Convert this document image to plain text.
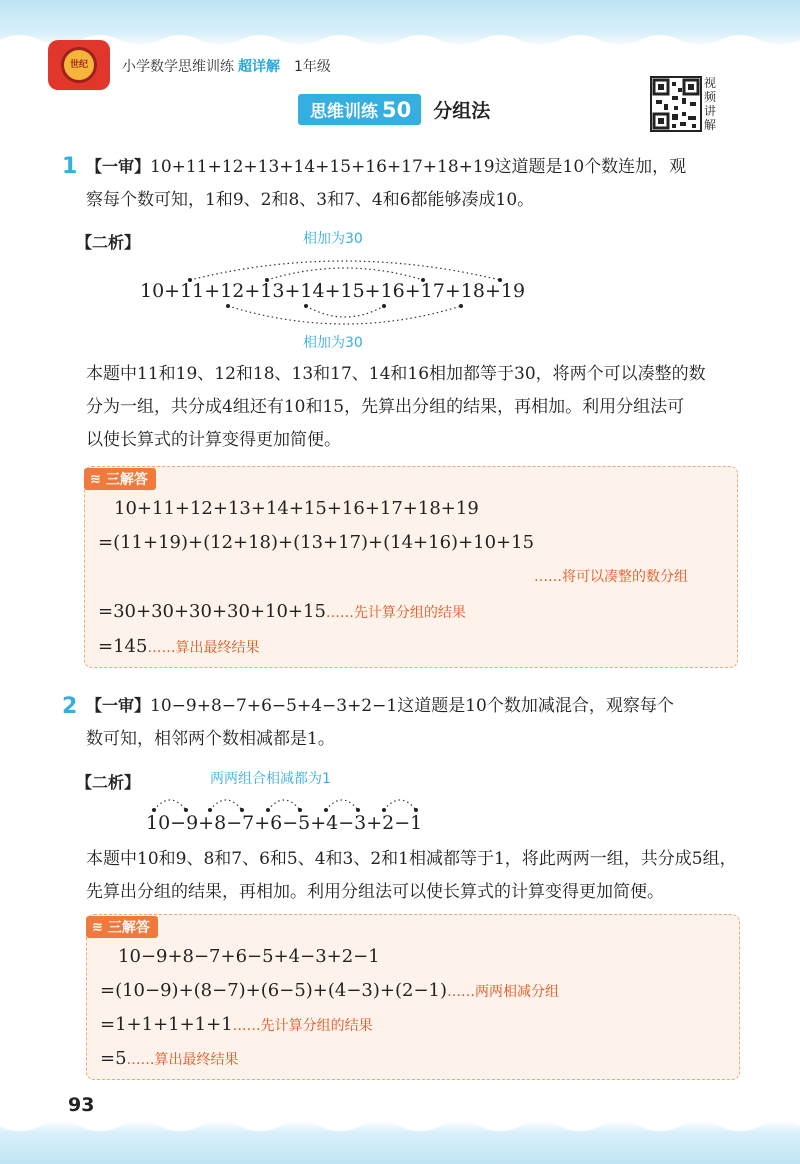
世纪	小学数学思维训练 超详解 1年级
思维训练 50 分组法
视频讲解
1 【一审】10+11+12+13+14+15+16+17+18+19这道题是10个数连加，观
察每个数可知，1和9、2和8、3和7、4和6都能够凑成10。
【二析】	相加为30
10+11+12+13+14+15+16+17+18+19
相加为30
本题中11和19、12和18、13和17、14和16相加都等于30，将两个可以凑整的数
分为一组，共分成4组还有10和15，先算出分组的结果，再相加。利用分组法可
以使长算式的计算变得更加简便。
≋ 三解答
10+11+12+13+14+15+16+17+18+19
=(11+19)+(12+18)+(13+17)+(14+16)+10+15
……将可以凑整的数分组
=30+30+30+30+10+15……先计算分组的结果
=145……算出最终结果
2 【一审】10−9+8−7+6−5+4−3+2−1这道题是10个数加减混合，观察每个
数可知，相邻两个数相减都是1。
【二析】	两两组合相减都为1
10−9+8−7+6−5+4−3+2−1
本题中10和9、8和7、6和5、4和3、2和1相减都等于1，将此两两一组，共分成5组，
先算出分组的结果，再相加。利用分组法可以使长算式的计算变得更加简便。
≋ 三解答
10−9+8−7+6−5+4−3+2−1
=(10−9)+(8−7)+(6−5)+(4−3)+(2−1)……两两相减分组
=1+1+1+1+1……先计算分组的结果
=5……算出最终结果
93
